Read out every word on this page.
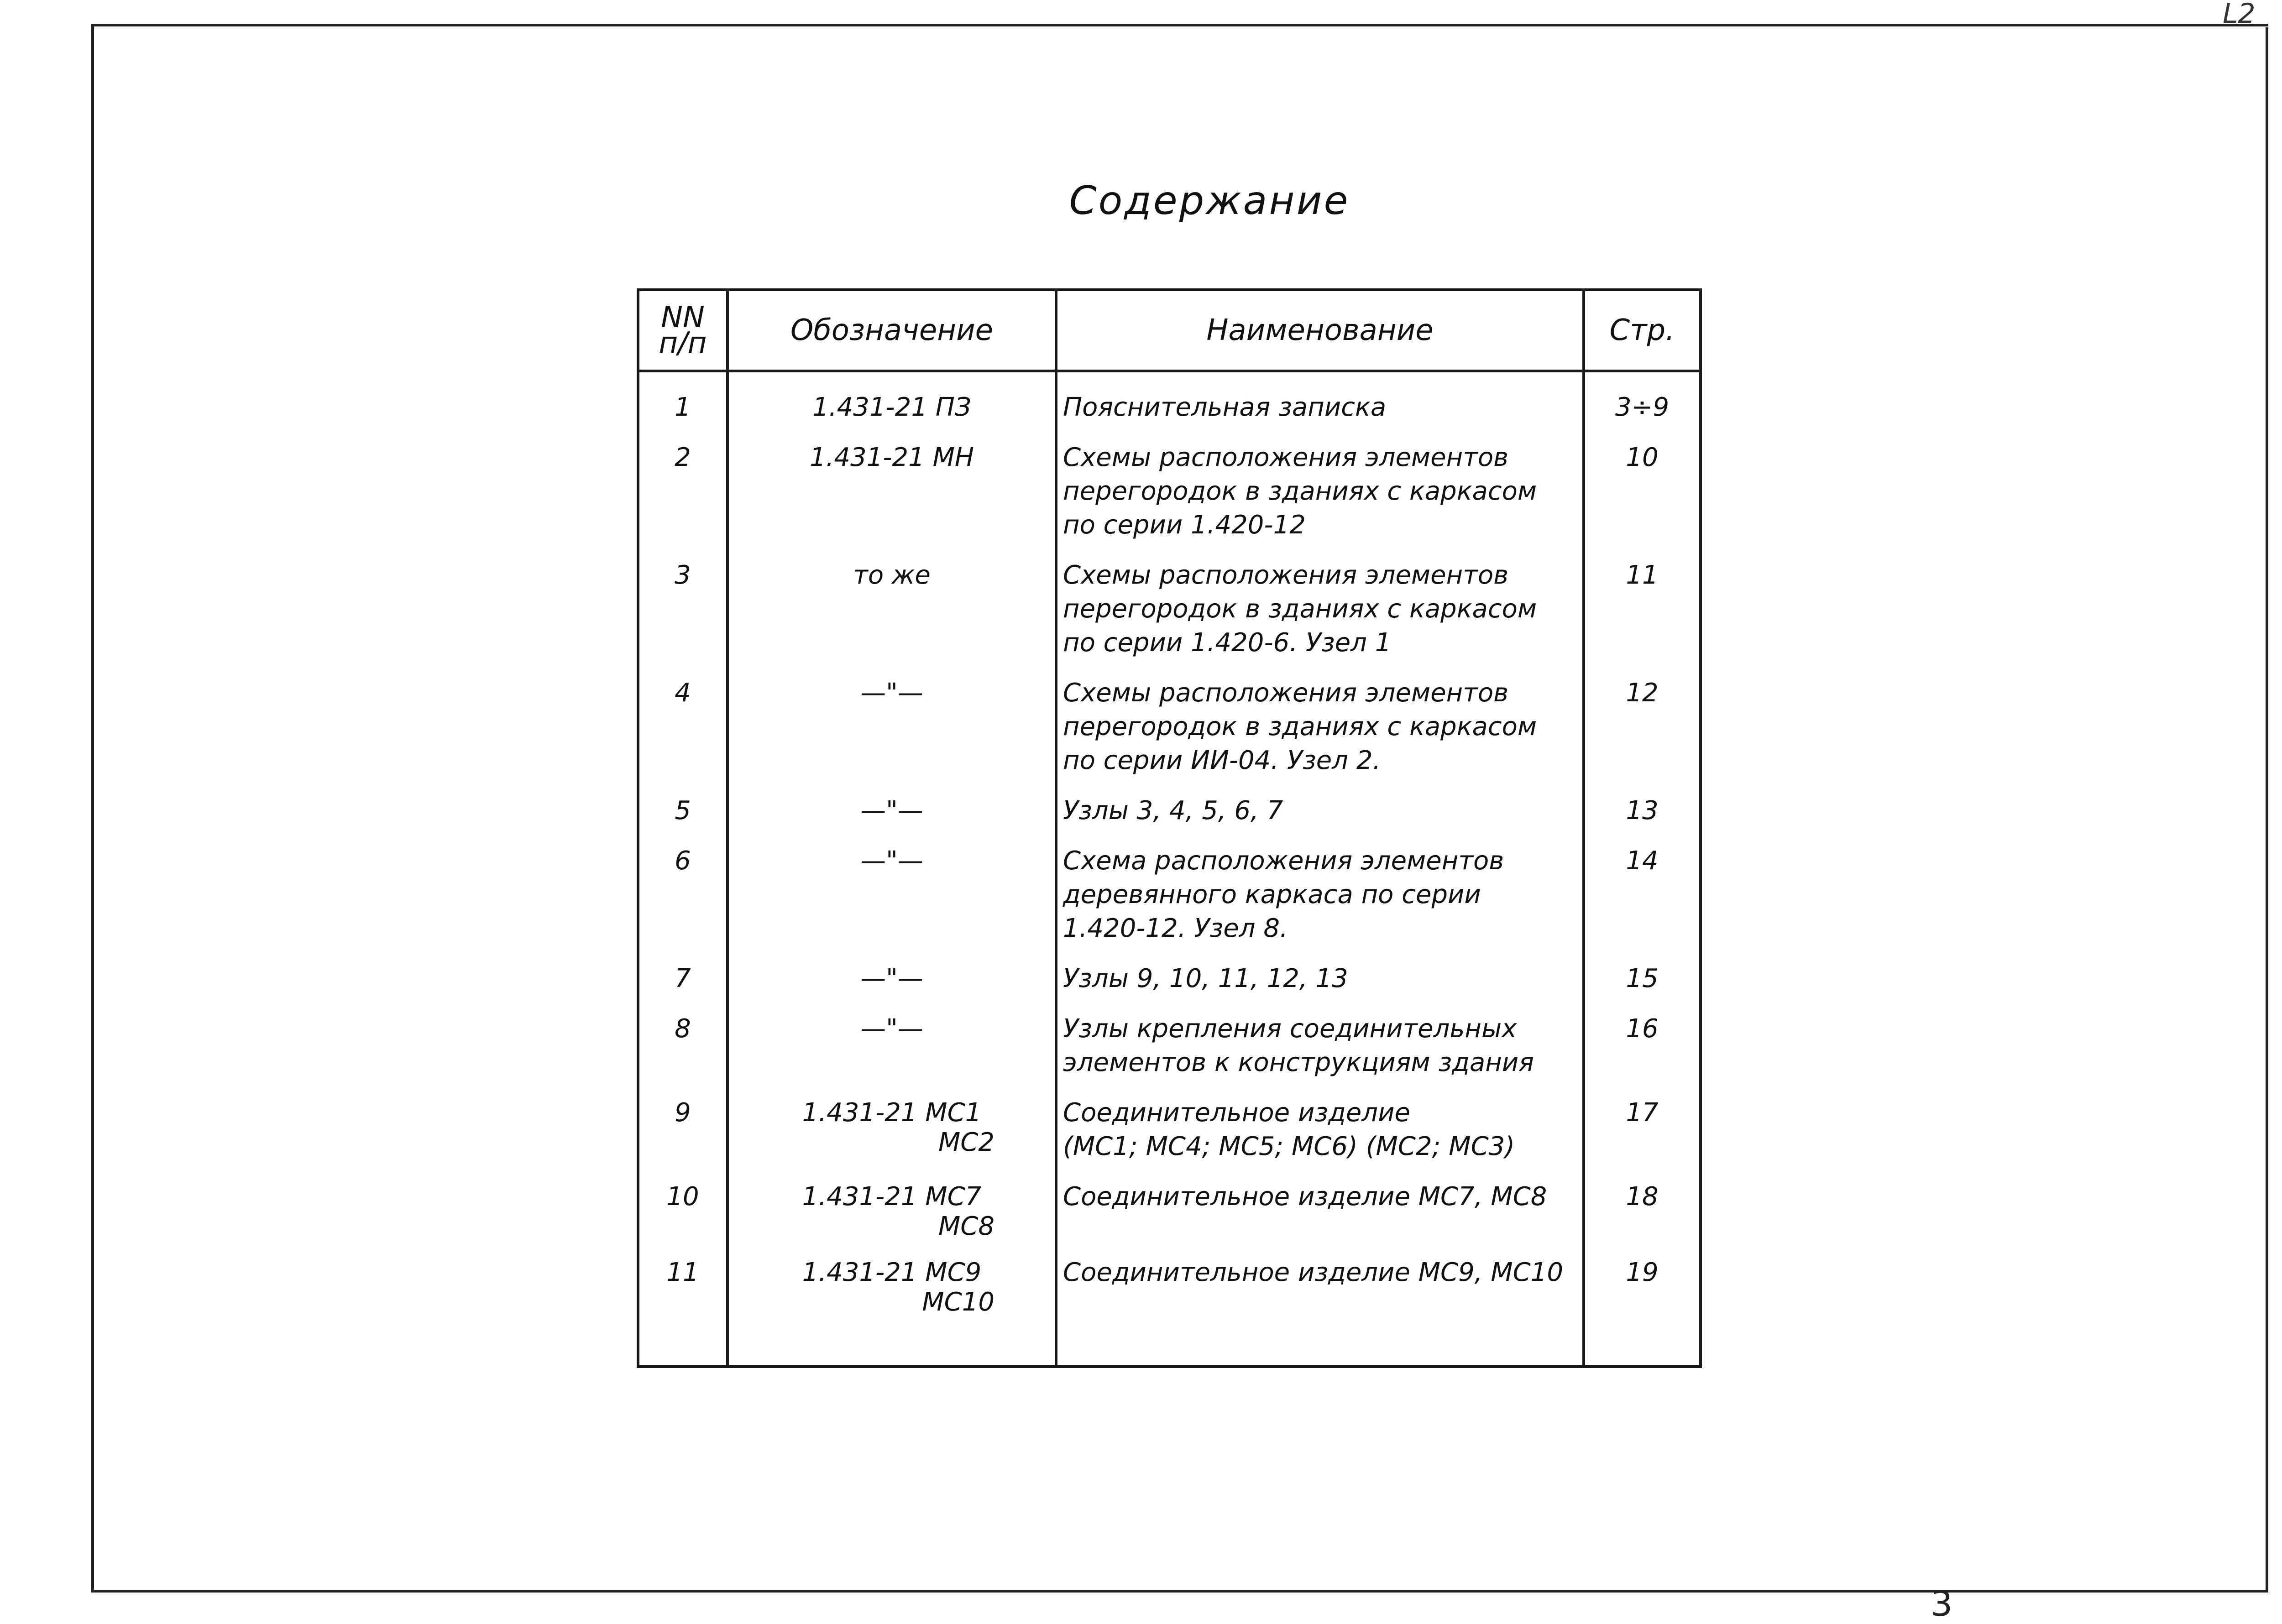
L2
Содержание
NN п/п	Обозначение	Наименование	Стр.
1	1.431-21 ПЗ	Пояснительная записка	3÷9
2	1.431-21 МН	Схемы расположения элементов
перегородок в зданиях с каркасом
по серии 1.420-12	10
3	то же	Схемы расположения элементов
перегородок в зданиях с каркасом
по серии 1.420-6. Узел 1	11
4	—"—	Схемы расположения элементов
перегородок в зданиях с каркасом
по серии ИИ-04. Узел 2.	12
5	—"—	Узлы 3, 4, 5, 6, 7	13
6	—"—	Схема расположения элементов
деревянного каркаса по серии
1.420-12. Узел 8.	14
7	—"—	Узлы 9, 10, 11, 12, 13	15
8	—"—	Узлы крепления соединительных
элементов к конструкциям здания	16
9	1.431-21 МС1
МС2	Соединительное изделие
(МС1; МС4; МС5; МС6) (МС2; МС3)	17
10	1.431-21 МС7
МС8	Соединительное изделие МС7, МС8	18
11	1.431-21 МС9
МС10	Соединительное изделие МС9, МС10	19
3
